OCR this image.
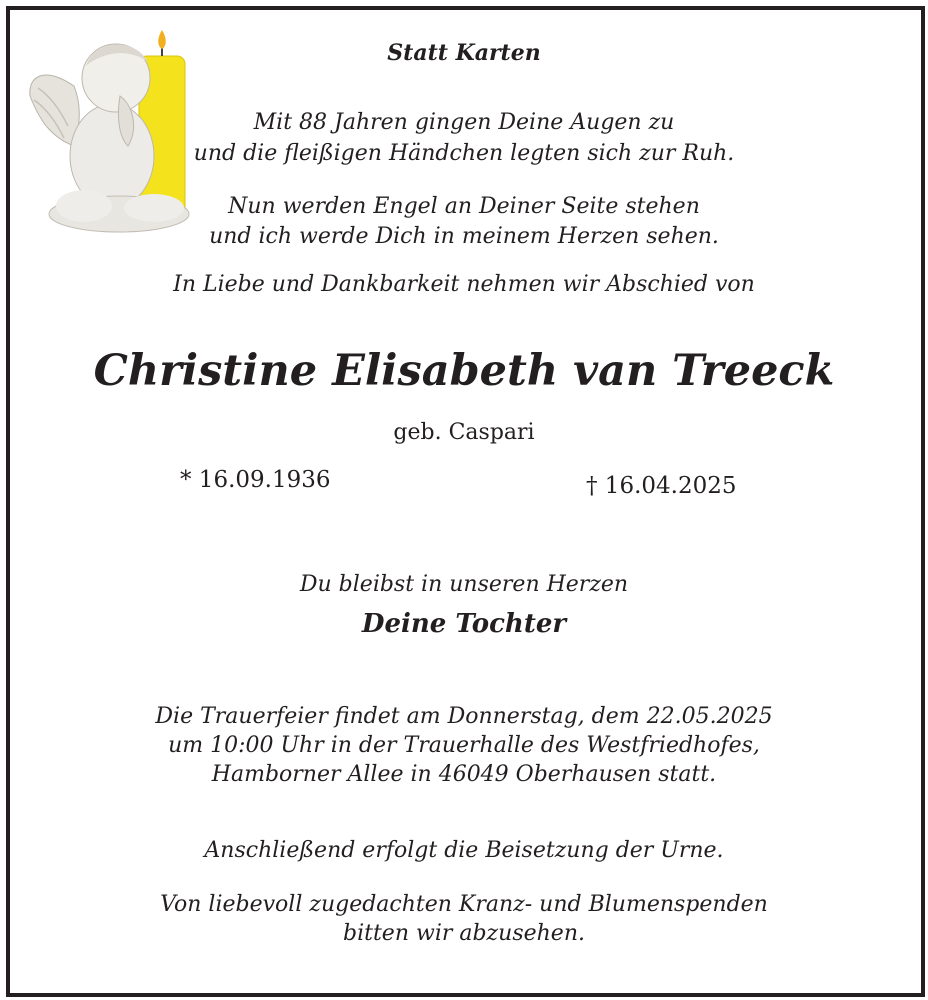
Statt Karten
Mit 88 Jahren gingen Deine Augen zu
und die fleißigen Händchen legten sich zur Ruh.
Nun werden Engel an Deiner Seite stehen
und ich werde Dich in meinem Herzen sehen.
In Liebe und Dankbarkeit nehmen wir Abschied von
Christine Elisabeth van Treeck
geb. Caspari
* 16.09.1936	† 16.04.2025
Du bleibst in unseren Herzen
Deine Tochter
Die Trauerfeier findet am Donnerstag, dem 22.05.2025
um 10:00 Uhr in der Trauerhalle des Westfriedhofes,
Hamborner Allee in 46049 Oberhausen statt.
Anschließend erfolgt die Beisetzung der Urne.
Von liebevoll zugedachten Kranz- und Blumenspenden
bitten wir abzusehen.
